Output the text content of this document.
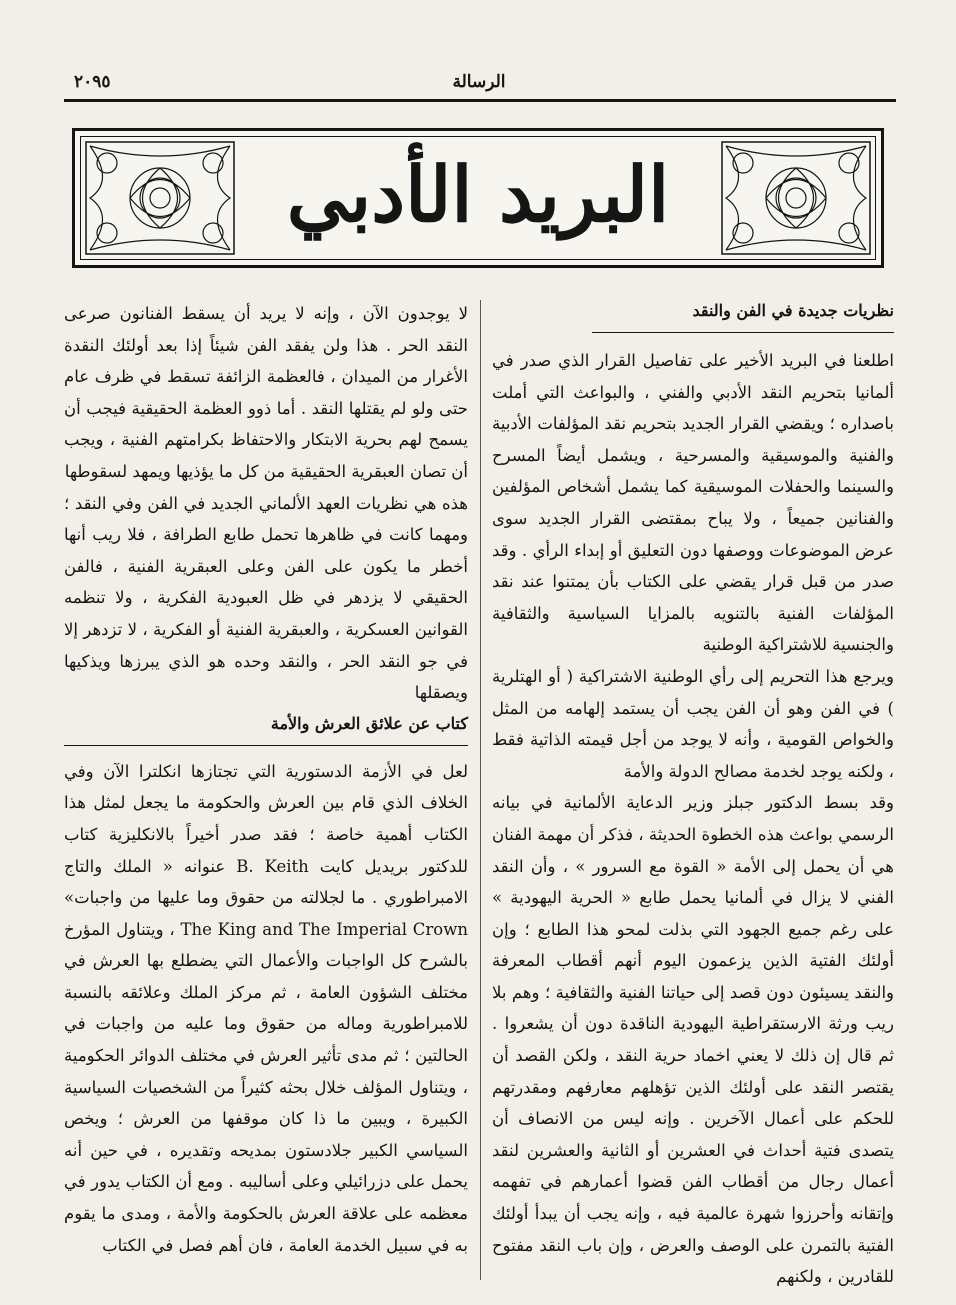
الرسالة
٢٠٩٥
البريد الأدبي
نظريات جديدة في الفن والنقد

اطلعنا في البريد الأخير على تفاصيل القرار الذي صدر في ألمانيا بتحريم النقد الأدبي والفني ، والبواعث التي أملت باصداره ؛ ويقضي القرار الجديد بتحريم نقد المؤلفات الأدبية والفنية والموسيقية والمسرحية ، ويشمل أيضاً المسرح والسينما والحفلات الموسيقية كما يشمل أشخاص المؤلفين والفنانين جميعاً ، ولا يباح بمقتضى القرار الجديد سوى عرض الموضوعات ووصفها دون التعليق أو إبداء الرأي . وقد صدر من قبل قرار يقضي على الكتاب بأن يمتنوا عند نقد المؤلفات الفنية بالتنويه بالمزايا السياسية والثقافية والجنسية للاشتراكية الوطنية

ويرجع هذا التحريم إلى رأي الوطنية الاشتراكية ( أو الهتلرية ) في الفن وهو أن الفن يجب أن يستمد إلهامه من المثل والخواص القومية ، وأنه لا يوجد من أجل قيمته الذاتية فقط ، ولكنه يوجد لخدمة مصالح الدولة والأمة

وقد بسط الدكتور جبلز وزير الدعاية الألمانية في بيانه الرسمي بواعث هذه الخطوة الحديثة ، فذكر أن مهمة الفنان هي أن يحمل إلى الأمة « القوة مع السرور » ، وأن النقد الفني لا يزال في ألمانيا يحمل طابع « الحرية اليهودية » على رغم جميع الجهود التي بذلت لمحو هذا الطابع ؛ وإن أولئك الفتية الذين يزعمون اليوم أنهم أقطاب المعرفة والنقد يسيئون دون قصد إلى حياتنا الفنية والثقافية ؛ وهم بلا ريب ورثة الارستقراطية اليهودية الناقدة دون أن يشعروا . ثم قال إن ذلك لا يعني اخماد حرية النقد ، ولكن القصد أن يقتصر النقد على أولئك الذين تؤهلهم معارفهم ومقدرتهم للحكم على أعمال الآخرين . وإنه ليس من الانصاف أن يتصدى فتية أحداث في العشرين أو الثانية والعشرين لنقد أعمال رجال من أقطاب الفن قضوا أعمارهم في تفهمه وإتقانه وأحرزوا شهرة عالمية فيه ، وإنه يجب أن يبدأ أولئك الفتية بالتمرن على الوصف والعرض ، وإن باب النقد مفتوح للقادرين ، ولكنهم

لا يوجدون الآن ، وإنه لا يريد أن يسقط الفنانون صرعى النقد الحر . هذا ولن يفقد الفن شيئاً إذا بعد أولئك النقدة الأغرار من الميدان ، فالعظمة الزائفة تسقط في ظرف عام حتى ولو لم يقتلها النقد . أما ذوو العظمة الحقيقية فيجب أن يسمح لهم بحرية الابتكار والاحتفاظ بكرامتهم الفنية ، ويجب أن تصان العبقرية الحقيقية من كل ما يؤذيها ويمهد لسقوطها

هذه هي نظريات العهد الألماني الجديد في الفن وفي النقد ؛ ومهما كانت في ظاهرها تحمل طابع الطرافة ، فلا ريب أنها أخطر ما يكون على الفن وعلى العبقرية الفنية ، فالفن الحقيقي لا يزدهر في ظل العبودية الفكرية ، ولا تنظمه القوانين العسكرية ، والعبقرية الفنية أو الفكرية ، لا تزدهر إلا في جو النقد الحر ، والنقد وحده هو الذي يبرزها ويذكيها ويصقلها

كتاب عن علائق العرش والأمة

لعل في الأزمة الدستورية التي تجتازها انكلترا الآن وفي الخلاف الذي قام بين العرش والحكومة ما يجعل لمثل هذا الكتاب أهمية خاصة ؛ فقد صدر أخيراً بالانكليزية كتاب للدكتور بريديل كايت B. Keith عنوانه « الملك والتاج الامبراطوري . ما لجلالته من حقوق وما عليها من واجبات» The King and The Imperial Crown ، ويتناول المؤرخ بالشرح كل الواجبات والأعمال التي يضطلع بها العرش في مختلف الشؤون العامة ، ثم مركز الملك وعلائقه بالنسبة للامبراطورية وماله من حقوق وما عليه من واجبات في الحالتين ؛ ثم مدى تأثير العرش في مختلف الدوائر الحكومية ، ويتناول المؤلف خلال بحثه كثيراً من الشخصيات السياسية الكبيرة ، ويبين ما ذا كان موقفها من العرش ؛ ويخص السياسي الكبير جلادستون بمديحه وتقديره ، في حين أنه يحمل على دزرائيلي وعلى أساليبه . ومع أن الكتاب يدور في معظمه على علاقة العرش بالحكومة والأمة ، ومدى ما يقوم به في سبيل الخدمة العامة ، فان أهم فصل في الكتاب
